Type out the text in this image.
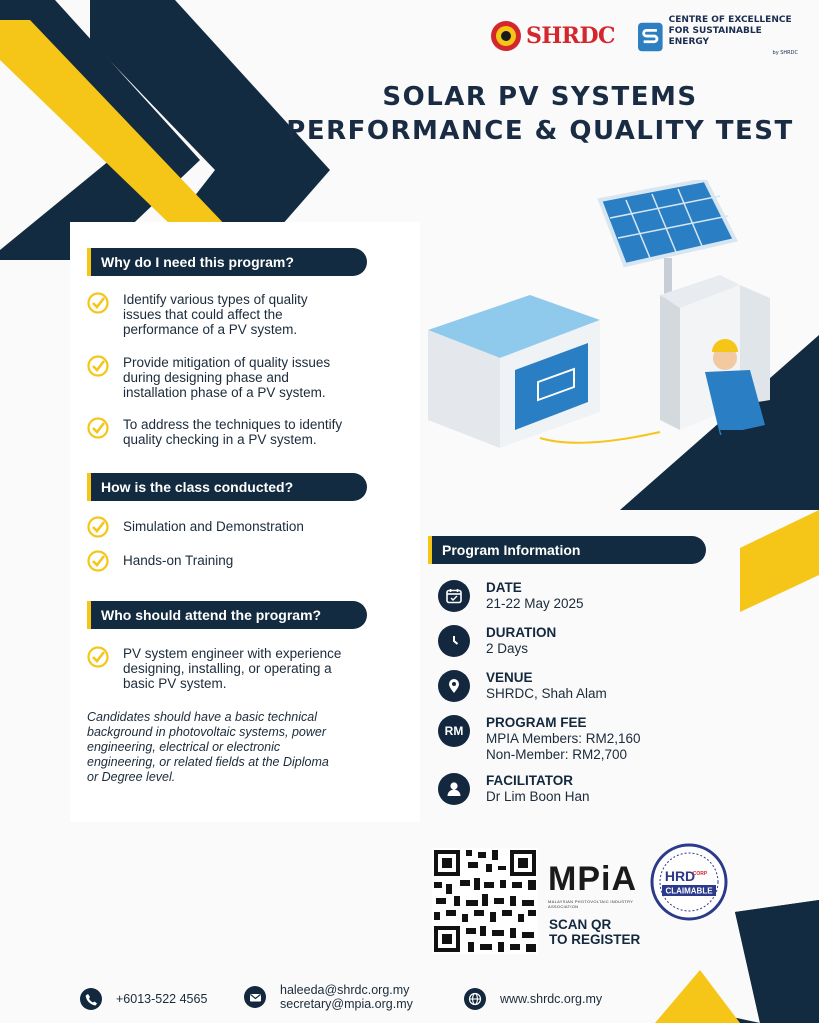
SHRDC
CENTRE OF EXCELLENCE
FOR SUSTAINABLE ENERGY
by SHRDC
SOLAR PV SYSTEMS
PERFORMANCE & QUALITY TEST
Why do I need this program?
Identify various types of quality
issues that could affect the
performance of a PV system.
Provide mitigation of quality issues
during designing phase and
installation phase of a PV system.
To address the techniques to identify
quality checking in a PV system.
How is the class conducted?
Simulation and Demonstration
Hands-on Training
Who should attend the program?
PV system engineer with experience
designing, installing, or operating a
basic PV system.
Candidates should have a basic technical
background in photovoltaic systems, power
engineering, electrical or electronic
engineering, or related fields at the Diploma
or Degree level.
Program Information
DATE
21-22 May 2025
DURATION
2 Days
VENUE
SHRDC, Shah Alam
RM
PROGRAM FEE
MPIA Members: RM2,160
Non-Member: RM2,700
FACILITATOR
Dr Lim Boon Han
MPiA
MALAYSIAN PHOTOVOLTAIC INDUSTRY ASSOCIATION
SCAN QR
TO REGISTER
HRD
CORP
CLAIMABLE
+6013-522 4565
haleeda@shrdc.org.my
secretary@mpia.org.my	www.shrdc.org.my
